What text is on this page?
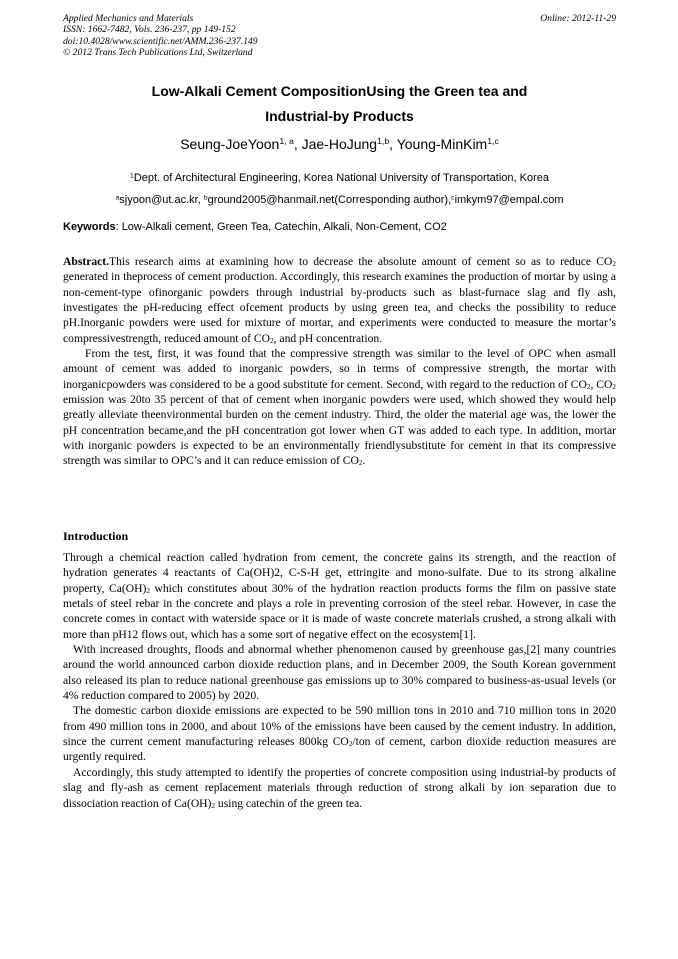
Applied Mechanics and Materials
ISSN: 1662-7482, Vols. 236-237, pp 149-152
doi:10.4028/www.scientific.net/AMM.236-237.149
© 2012 Trans Tech Publications Ltd, Switzerland
Online: 2012-11-29
Low-Alkali Cement CompositionUsing the Green tea and
Industrial-by Products
Seung-JoeYoon$^{1, a}$, Jae-HoJung$^{1,b}$, Young-MinKim$^{1,c}$
$^1$Dept. of Architectural Engineering, Korea National University of Transportation, Korea
$^a$sjyoon@ut.ac.kr, $^b$ground2005@hanmail.net(Corresponding author),$^c$imkym97@empal.com
Keywords: Low-Alkali cement, Green Tea, Catechin, Alkali, Non-Cement, CO2

Abstract.This research aims at examining how to decrease the absolute amount of cement so as to reduce $CO_2$ generated in theprocess of cement production. Accordingly, this research examines the production of mortar by using a non-cement-type ofinorganic powders through industrial by-products such as blast-furnace slag and fly ash, investigates the pH-reducing effect ofcement products by using green tea, and checks the possibility to reduce pH.Inorganic powders were used for mixture of mortar, and experiments were conducted to measure the mortar’s compressivestrength, reduced amount of $CO_2$, and pH concentration.

From the test, first, it was found that the compressive strength was similar to the level of OPC when asmall amount of cement was added to inorganic powders, so in terms of compressive strength, the mortar with inorganicpowders was considered to be a good substitute for cement. Second, with regard to the reduction of $CO_2$, $CO_2$ emission was 20to 35 percent of that of cement when inorganic powders were used, which showed they would help greatly alleviate theenvironmental burden on the cement industry. Third, the older the material age was, the lower the pH concentration became,and the pH concentration got lower when GT was added to each type. In addition, mortar with inorganic powders is expected to be an environmentally friendlysubstitute for cement in that its compressive strength was similar to OPC’s and it can reduce emission of $CO_2$.

Introduction

Through a chemical reaction called hydration from cement, the concrete gains its strength, and the reaction of hydration generates 4 reactants of Ca(OH)2, C-S-H get, ettringite and mono-sulfate. Due to its strong alkaline property, $Ca(OH)_2$ which constitutes about 30% of the hydration reaction products forms the film on passive state metals of steel rebar in the concrete and plays a role in preventing corrosion of the steel rebar. However, in case the concrete comes in contact with waterside space or it is made of waste concrete materials crushed, a strong alkali with more than pH12 flows out, which has a some sort of negative effect on the ecosystem[1].

With increased droughts, floods and abnormal whether phenomenon caused by greenhouse gas,[2] many countries around the world announced carbon dioxide reduction plans, and in December 2009, the South Korean government also released its plan to reduce national greenhouse gas emissions up to 30% compared to business-as-usual levels (or 4% reduction compared to 2005) by 2020.

The domestic carbon dioxide emissions are expected to be 590 million tons in 2010 and 710 million tons in 2020 from 490 million tons in 2000, and about 10% of the emissions have been caused by the cement industry. In addition, since the current cement manufacturing releases 800kg $CO_2$/ton of cement, carbon dioxide reduction measures are urgently required.

Accordingly, this study attempted to identify the properties of concrete composition using industrial-by products of slag and fly-ash as cement replacement materials through reduction of strong alkali by ion separation due to dissociation reaction of $Ca(OH)_2$ using catechin of the green tea.
